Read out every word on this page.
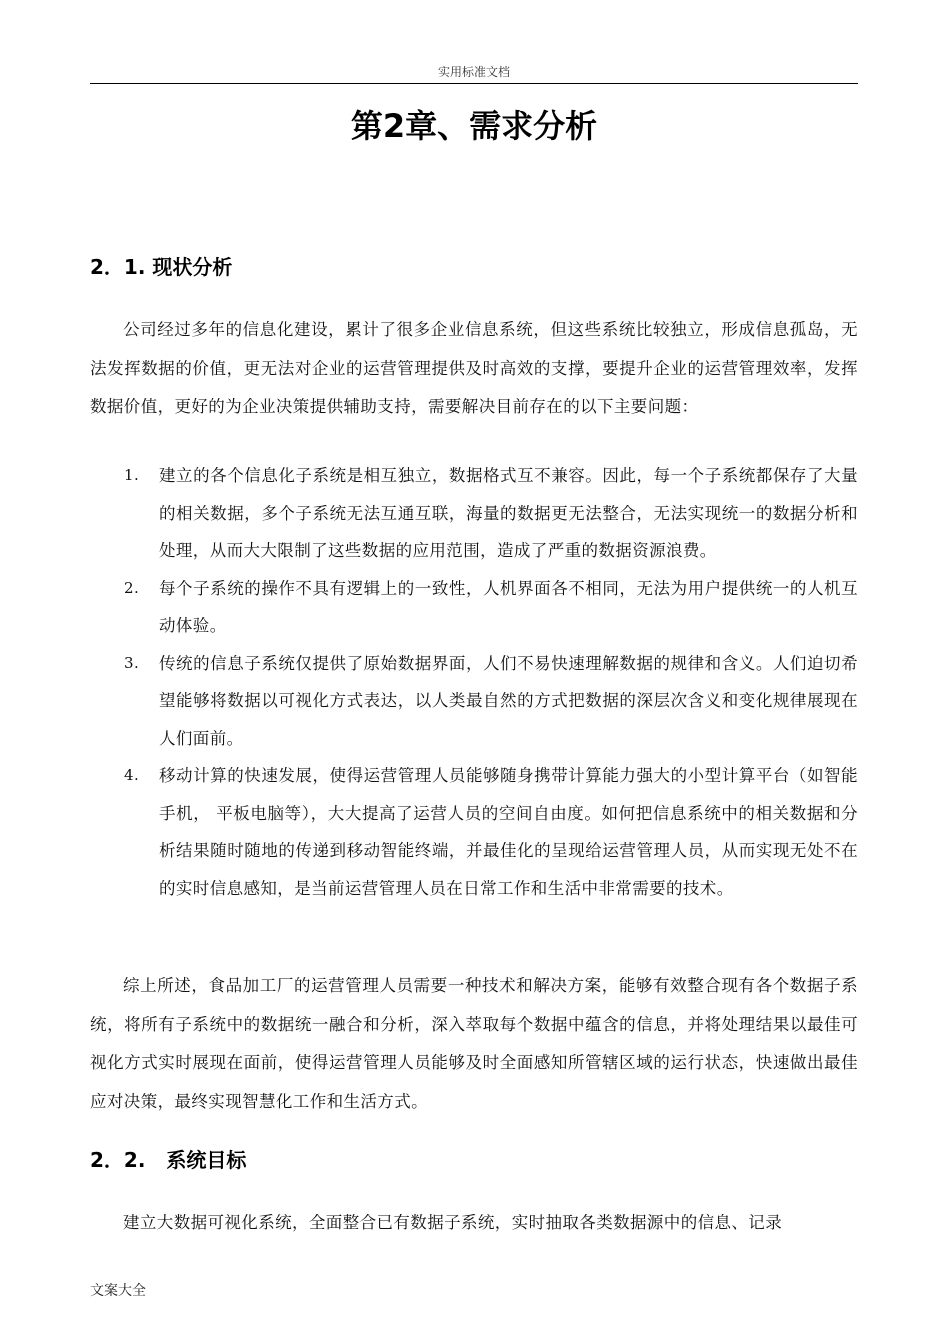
实用标准文档
第2章、需求分析
2．1. 现状分析

公司经过多年的信息化建设，累计了很多企业信息系统，但这些系统比较独立，形成信息孤岛，无法发挥数据的价值，更无法对企业的运营管理提供及时高效的支撑，要提升企业的运营管理效率，发挥数据价值，更好的为企业决策提供辅助支持，需要解决目前存在的以下主要问题：

1. 建立的各个信息化子系统是相互独立，数据格式互不兼容。因此，每一个子系统都保存了大量的相关数据，多个子系统无法互通互联，海量的数据更无法整合，无法实现统一的数据分析和处理，从而大大限制了这些数据的应用范围，造成了严重的数据资源浪费。
2. 每个子系统的操作不具有逻辑上的一致性，人机界面各不相同，无法为用户提供统一的人机互动体验。
3. 传统的信息子系统仅提供了原始数据界面，人们不易快速理解数据的规律和含义。人们迫切希望能够将数据以可视化方式表达，以人类最自然的方式把数据的深层次含义和变化规律展现在人们面前。
4. 移动计算的快速发展，使得运营管理人员能够随身携带计算能力强大的小型计算平台（如智能手机， 平板电脑等），大大提高了运营人员的空间自由度。如何把信息系统中的相关数据和分析结果随时随地的传递到移动智能终端，并最佳化的呈现给运营管理人员，从而实现无处不在的实时信息感知，是当前运营管理人员在日常工作和生活中非常需要的技术。

综上所述，食品加工厂的运营管理人员需要一种技术和解决方案，能够有效整合现有各个数据子系统，将所有子系统中的数据统一融合和分析，深入萃取每个数据中蕴含的信息，并将处理结果以最佳可视化方式实时展现在面前，使得运营管理人员能够及时全面感知所管辖区域的运行状态，快速做出最佳应对决策，最终实现智慧化工作和生活方式。

2．2.   系统目标

建立大数据可视化系统，全面整合已有数据子系统，实时抽取各类数据源中的信息、记录

文案大全
